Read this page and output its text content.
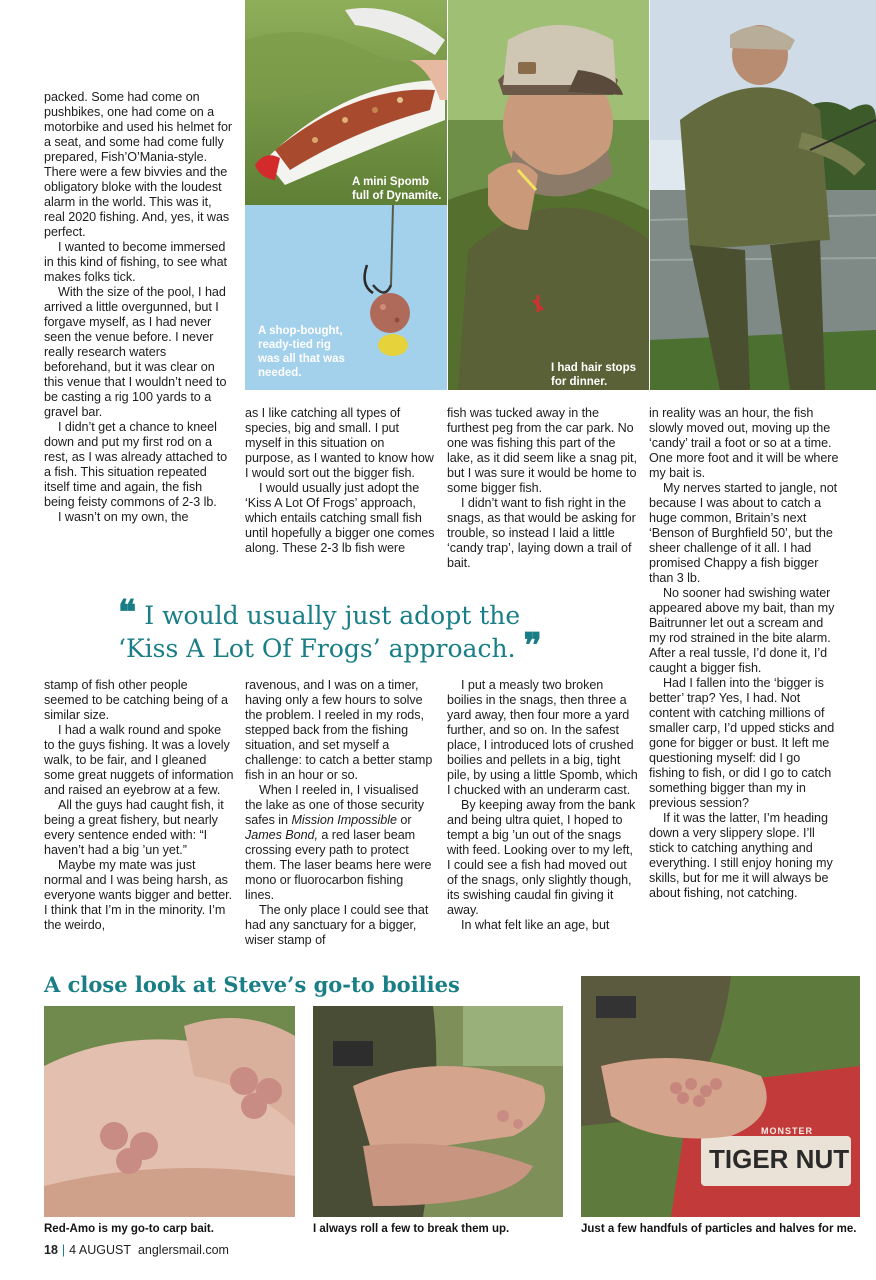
A mini Spomb full of Dynamite.
A shop-bought, ready-tied rig was all that was needed.	I had hair stops for dinner.

packed. Some had come on pushbikes, one had come on a motorbike and used his helmet for a seat, and some had come fully prepared, Fish’O’Mania-style. There were a few bivvies and the obligatory bloke with the loudest alarm in the world. This was it, real 2020 fishing. And, yes, it was perfect.

I wanted to become immersed in this kind of fishing, to see what makes folks tick.

With the size of the pool, I had arrived a little overgunned, but I forgave myself, as I had never seen the venue before. I never really research waters beforehand, but it was clear on this venue that I wouldn’t need to be casting a rig 100 yards to a gravel bar.

I didn’t get a chance to kneel down and put my first rod on a rest, as I was already attached to a fish. This situation repeated itself time and again, the fish being feisty commons of 2-3 lb.

I wasn’t on my own, the

as I like catching all types of species, big and small. I put myself in this situation on purpose, as I wanted to know how I would sort out the bigger fish.

I would usually just adopt the ‘Kiss A Lot Of Frogs’ approach, which entails catching small fish until hopefully a bigger one comes along. These 2-3 lb fish were

fish was tucked away in the furthest peg from the car park. No one was fishing this part of the lake, as it did seem like a snag pit, but I was sure it would be home to some bigger fish.

I didn’t want to fish right in the snags, as that would be asking for trouble, so instead I laid a little ‘candy trap’, laying down a trail of bait.

in reality was an hour, the fish slowly moved out, moving up the ‘candy’ trail a foot or so at a time. One more foot and it will be where my bait is.

My nerves started to jangle, not because I was about to catch a huge common, Britain’s next ‘Benson of Burghfield 50’, but the sheer challenge of it all. I had promised Chappy a fish bigger than 3 lb.

No sooner had swishing water appeared above my bait, than my Baitrunner let out a scream and my rod strained in the bite alarm. After a real tussle, I’d done it, I’d caught a bigger fish.

Had I fallen into the ‘bigger is better’ trap? Yes, I had. Not content with catching millions of smaller carp, I’d upped sticks and gone for bigger or bust. It left me questioning myself: did I go fishing to fish, or did I go to catch something bigger than my in previous session?

If it was the latter, I’m heading down a very slippery slope. I’ll stick to catching anything and everything. I still enjoy honing my skills, but for me it will always be about fishing, not catching.

❝ I would usually just adopt the ‘Kiss A Lot Of Frogs’ approach. ❞

stamp of fish other people seemed to be catching being of a similar size.

I had a walk round and spoke to the guys fishing. It was a lovely walk, to be fair, and I gleaned some great nuggets of information and raised an eyebrow at a few.

All the guys had caught fish, it being a great fishery, but nearly every sentence ended with: “I haven’t had a big ’un yet.”

Maybe my mate was just normal and I was being harsh, as everyone wants bigger and better. I think that I’m in the minority. I’m the weirdo,

ravenous, and I was on a timer, having only a few hours to solve the problem. I reeled in my rods, stepped back from the fishing situation, and set myself a challenge: to catch a better stamp fish in an hour or so.

When I reeled in, I visualised the lake as one of those security safes in Mission Impossible or James Bond, a red laser beam crossing every path to protect them. The laser beams here were mono or fluorocarbon fishing lines.

The only place I could see that had any sanctuary for a bigger, wiser stamp of

I put a measly two broken boilies in the snags, then three a yard away, then four more a yard further, and so on. In the safest place, I introduced lots of crushed boilies and pellets in a big, tight pile, by using a little Spomb, which I chucked with an underarm cast.

By keeping away from the bank and being ultra quiet, I hoped to tempt a big ’un out of the snags with feed. Looking over to my left, I could see a fish had moved out of the snags, only slightly though, its swishing caudal fin giving it away.

In what felt like an age, but

A close look at Steve’s go-to boilies
Red-Amo is my go-to carp bait.	I always roll a few to break them up.
MONSTER
TIGER NUT
Just a few handfuls of particles and halves for me.
18 | 4 AUGUST anglersmail.com
